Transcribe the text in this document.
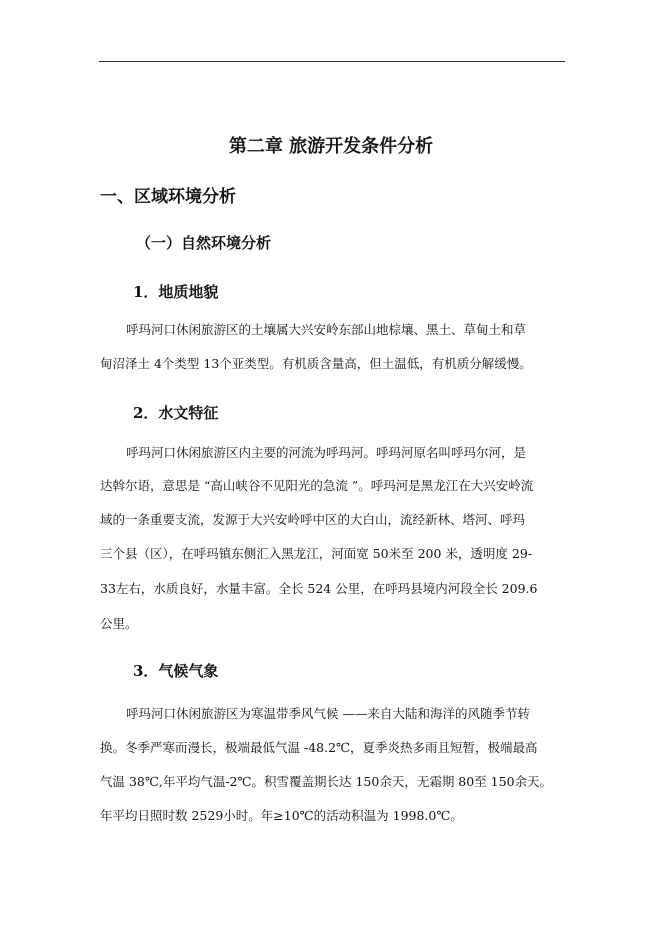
第二章 旅游开发条件分析
一、区域环境分析
（一）自然环境分析
1．地质地貌
呼玛河口休闲旅游区的土壤属大兴安岭东部山地棕壤、黑土、草甸土和草
甸沼泽土 4个类型 13个亚类型。有机质含量高，但土温低，有机质分解缓慢。
2．水文特征
呼玛河口休闲旅游区内主要的河流为呼玛河。呼玛河原名叫呼玛尔河，是
达斡尔语，意思是 “高山峡谷不见阳光的急流 ”。呼玛河是黑龙江在大兴安岭流
域的一条重要支流，发源于大兴安岭呼中区的大白山，流经新林、塔河、呼玛
三个县（区），在呼玛镇东侧汇入黑龙江，河面宽 50米至 200 米，透明度 29-
33左右，水质良好，水量丰富。全长 524 公里，在呼玛县境内河段全长 209.6
公里。
3．气候气象
呼玛河口休闲旅游区为寒温带季风气候 ——来自大陆和海洋的风随季节转
换。冬季严寒而漫长，极端最低气温 -48.2℃，夏季炎热多雨且短暂，极端最高
气温 38℃,年平均气温-2℃。积雪覆盖期长达 150余天，无霜期 80至 150余天。
年平均日照时数 2529小时。年≥10℃的活动积温为 1998.0℃。
